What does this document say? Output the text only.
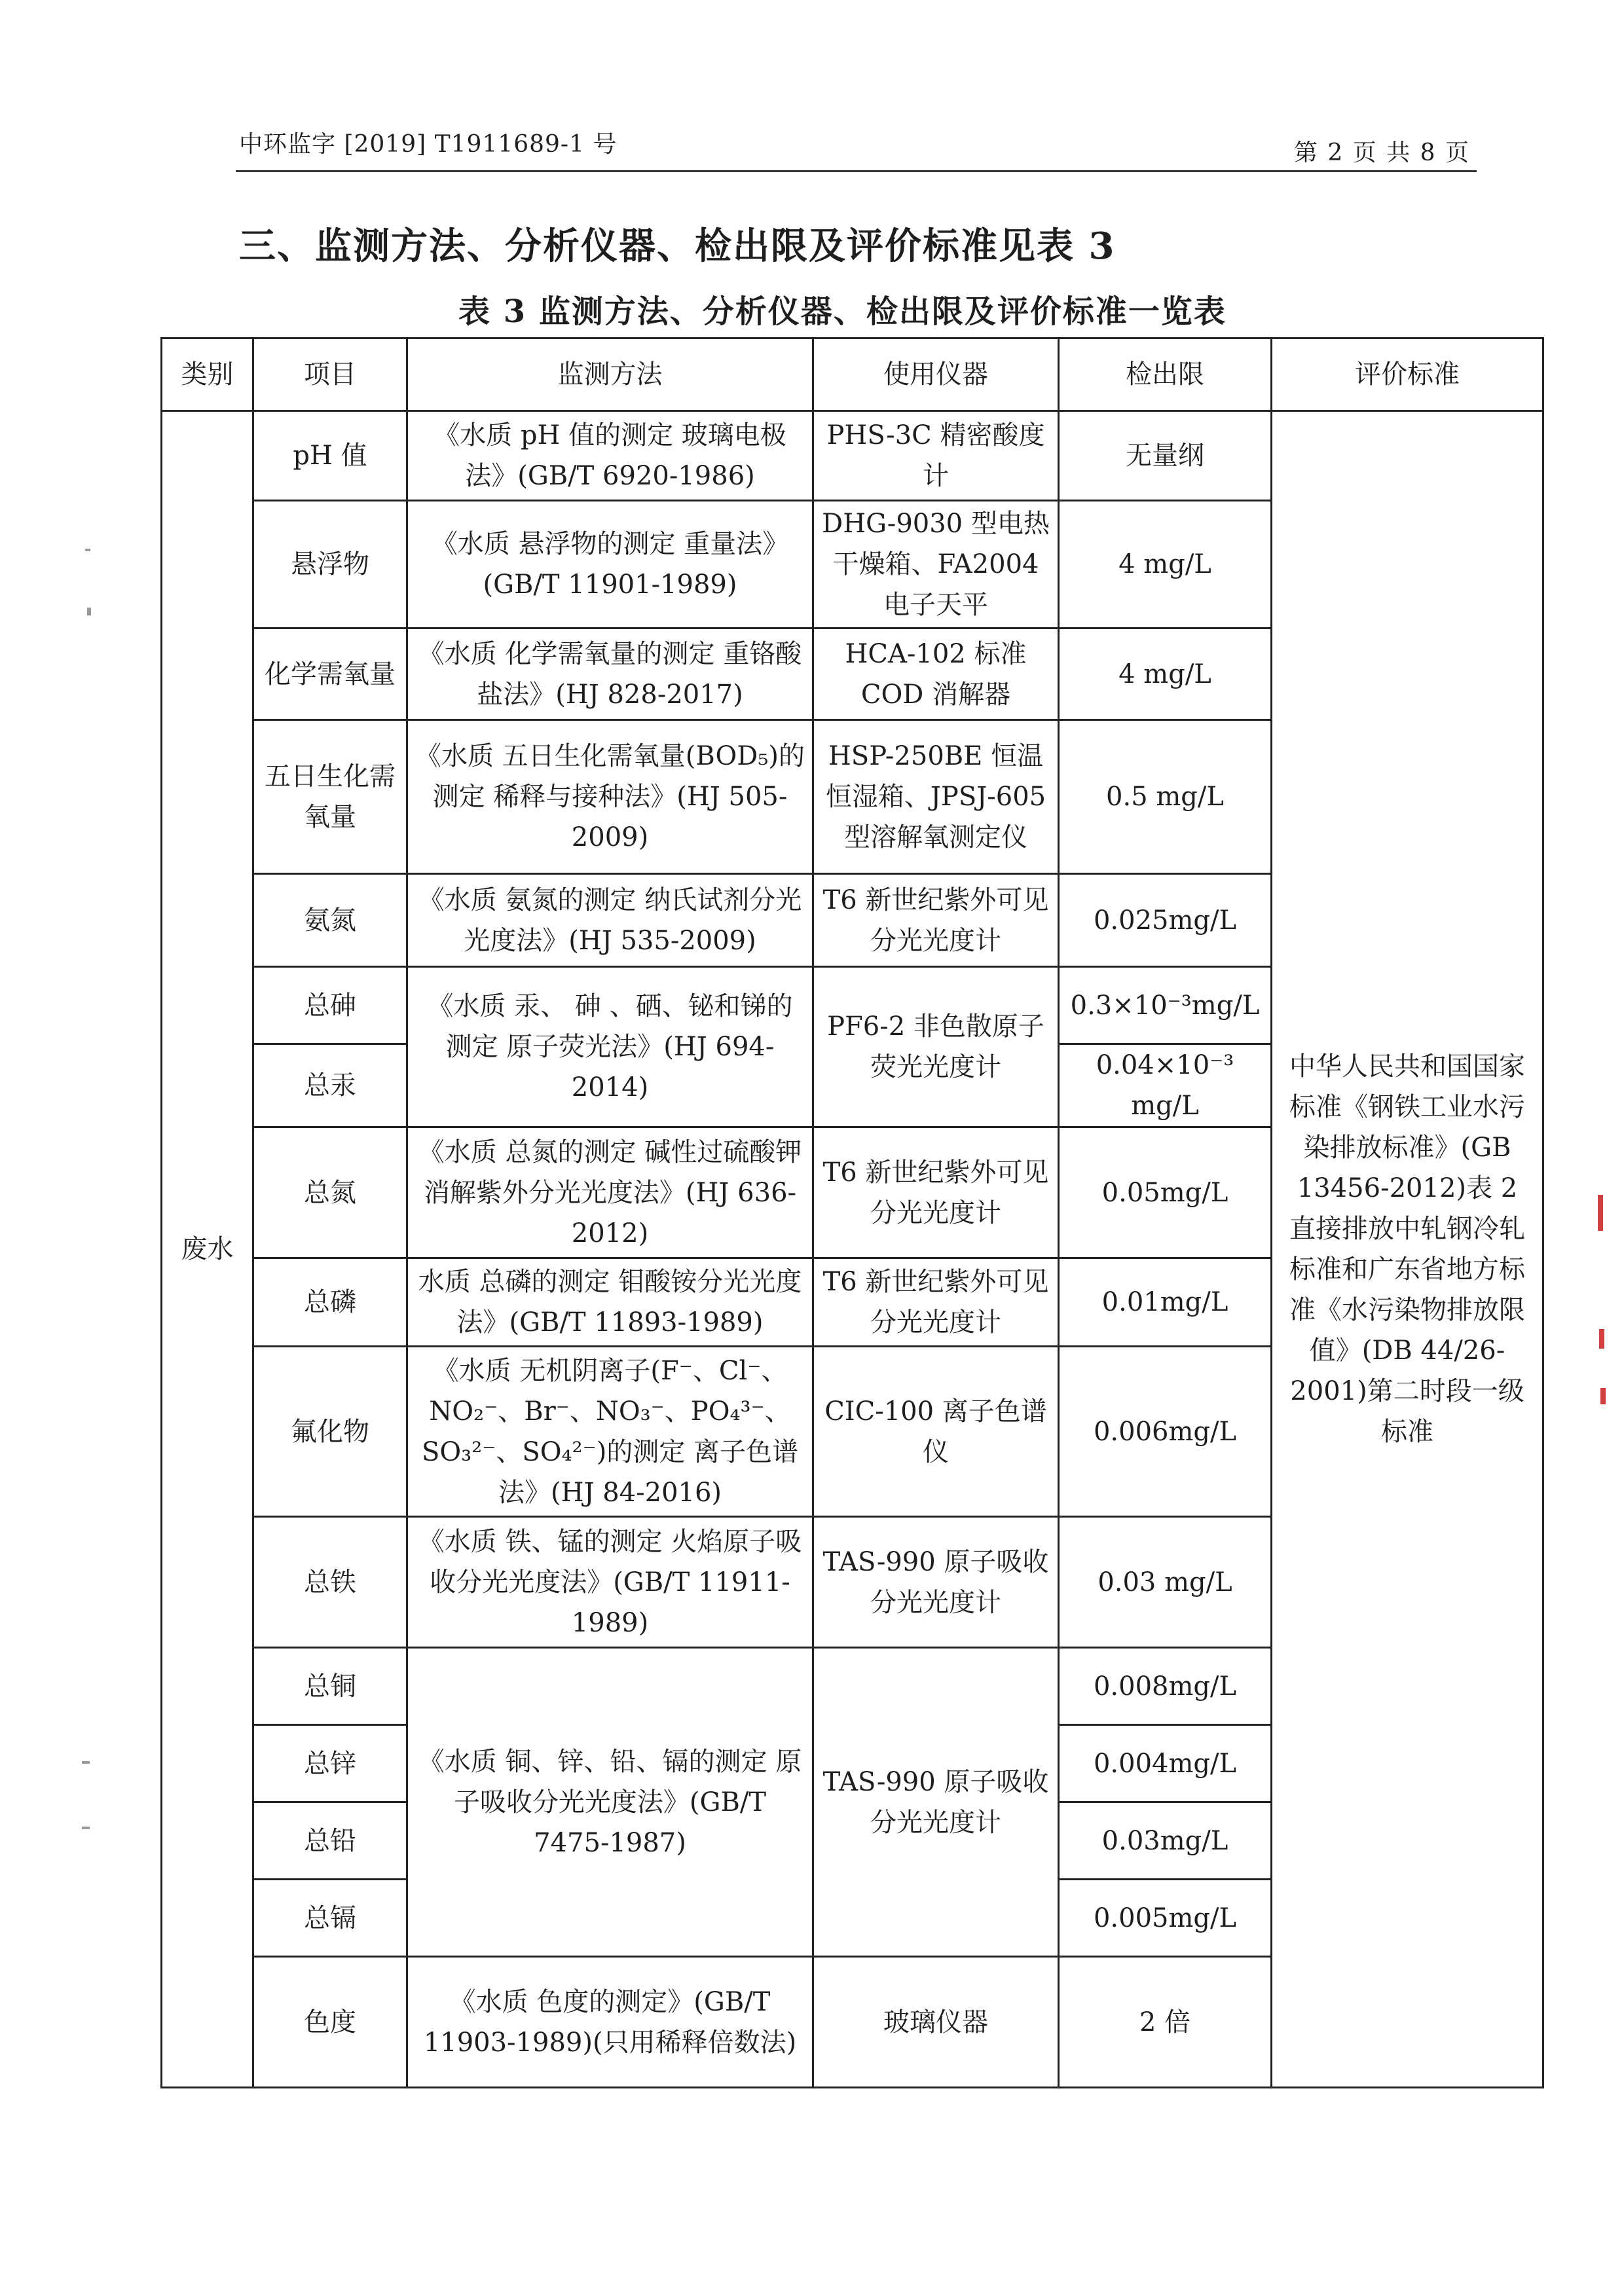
中环监字 [2019] T1911689-1 号	第 2 页 共 8 页
三、监测方法、分析仪器、检出限及评价标准见表 3
表 3 监测方法、分析仪器、检出限及评价标准一览表
类别	项目	监测方法	使用仪器	检出限	评价标准
废水	pH 值	《水质 pH 值的测定 玻璃电极法》(GB/T 6920-1986)	PHS-3C 精密酸度计	无量纲	中华人民共和国国家标准《钢铁工业水污染排放标准》(GB 13456-2012)表 2 直接排放中轧钢冷轧标准和广东省地方标准《水污染物排放限值》(DB 44/26-2001)第二时段一级标准
	悬浮物	《水质 悬浮物的测定 重量法》(GB/T 11901-1989)	DHG-9030 型电热干燥箱、FA2004 电子天平	4 mg/L	
	化学需氧量	《水质 化学需氧量的测定 重铬酸盐法》(HJ 828-2017)	HCA-102 标准 COD 消解器	4 mg/L	
	五日生化需氧量	《水质 五日生化需氧量(BOD₅)的测定 稀释与接种法》(HJ 505-2009)	HSP-250BE 恒温恒湿箱、JPSJ-605 型溶解氧测定仪	0.5 mg/L	
	氨氮	《水质 氨氮的测定 纳氏试剂分光光度法》(HJ 535-2009)	T6 新世纪紫外可见分光光度计	0.025mg/L	
	总砷	《水质 汞、 砷 、硒、铋和锑的测定 原子荧光法》(HJ 694-2014)	PF6-2 非色散原子荧光光度计	0.3×10⁻³mg/L	
	总汞			0.04×10⁻³ mg/L	
	总氮	《水质 总氮的测定 碱性过硫酸钾消解紫外分光光度法》(HJ 636-2012)	T6 新世纪紫外可见分光光度计	0.05mg/L	
	总磷	水质 总磷的测定 钼酸铵分光光度法》(GB/T 11893-1989)	T6 新世纪紫外可见分光光度计	0.01mg/L	
	氟化物	《水质 无机阴离子(F⁻、Cl⁻、NO₂⁻、Br⁻、NO₃⁻、PO₄³⁻、SO₃²⁻、SO₄²⁻)的测定 离子色谱法》(HJ 84-2016)	CIC-100 离子色谱仪	0.006mg/L	
	总铁	《水质 铁、锰的测定 火焰原子吸收分光光度法》(GB/T 11911-1989)	TAS-990 原子吸收分光光度计	0.03 mg/L	
	总铜	《水质 铜、锌、铅、镉的测定 原子吸收分光光度法》(GB/T 7475-1987)	TAS-990 原子吸收分光光度计	0.008mg/L	
	总锌			0.004mg/L	
	总铅			0.03mg/L	
	总镉			0.005mg/L	
	色度	《水质 色度的测定》(GB/T 11903-1989)(只用稀释倍数法)	玻璃仪器	2 倍	
